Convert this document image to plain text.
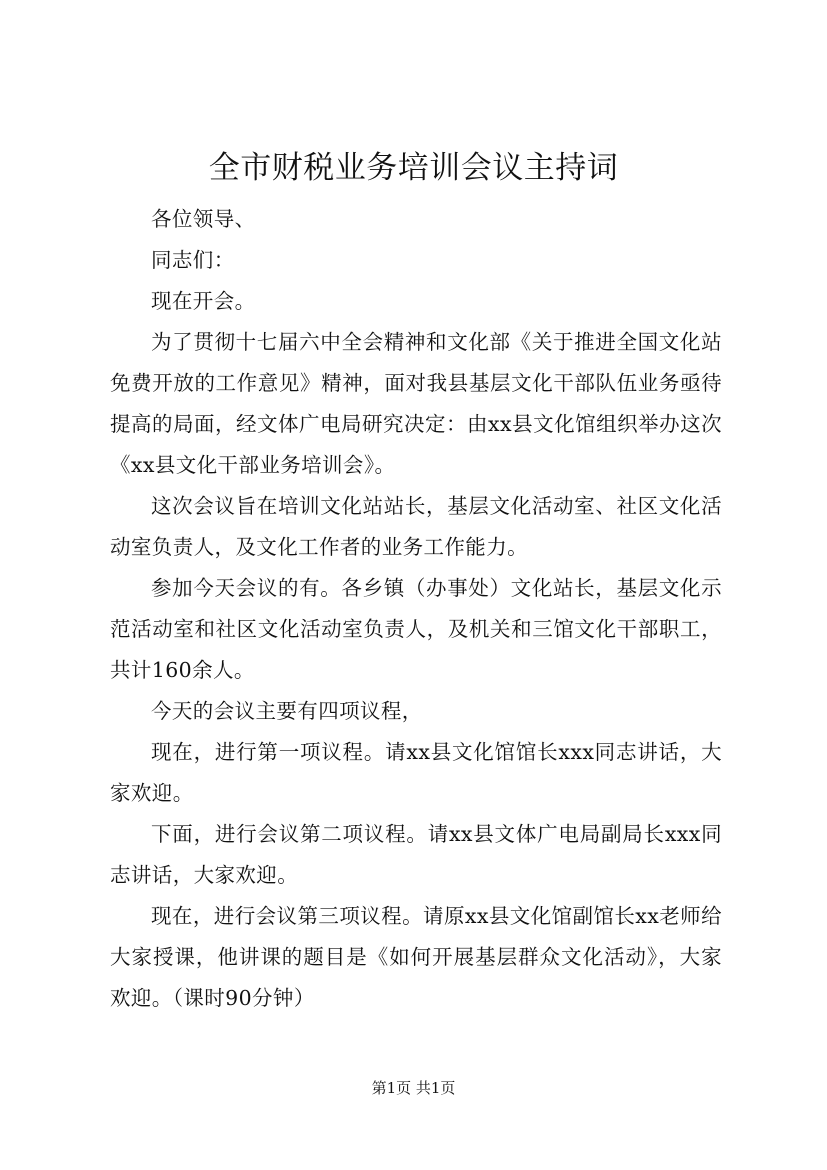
全市财税业务培训会议主持词

各位领导、

同志们：

现在开会。

为了贯彻十七届六中全会精神和文化部《关于推进全国文化站免费开放的工作意见》精神，面对我县基层文化干部队伍业务亟待提高的局面，经文体广电局研究决定：由xx县文化馆组织举办这次《xx县文化干部业务培训会》。

这次会议旨在培训文化站站长，基层文化活动室、社区文化活动室负责人，及文化工作者的业务工作能力。

参加今天会议的有。各乡镇（办事处）文化站长，基层文化示范活动室和社区文化活动室负责人，及机关和三馆文化干部职工，共计160余人。

今天的会议主要有四项议程，

现在，进行第一项议程。请xx县文化馆馆长xxx同志讲话，大家欢迎。

下面，进行会议第二项议程。请xx县文体广电局副局长xxx同志讲话，大家欢迎。

现在，进行会议第三项议程。请原xx县文化馆副馆长xx老师给大家授课，他讲课的题目是《如何开展基层群众文化活动》，大家欢迎。（课时90分钟）

第1页 共1页
